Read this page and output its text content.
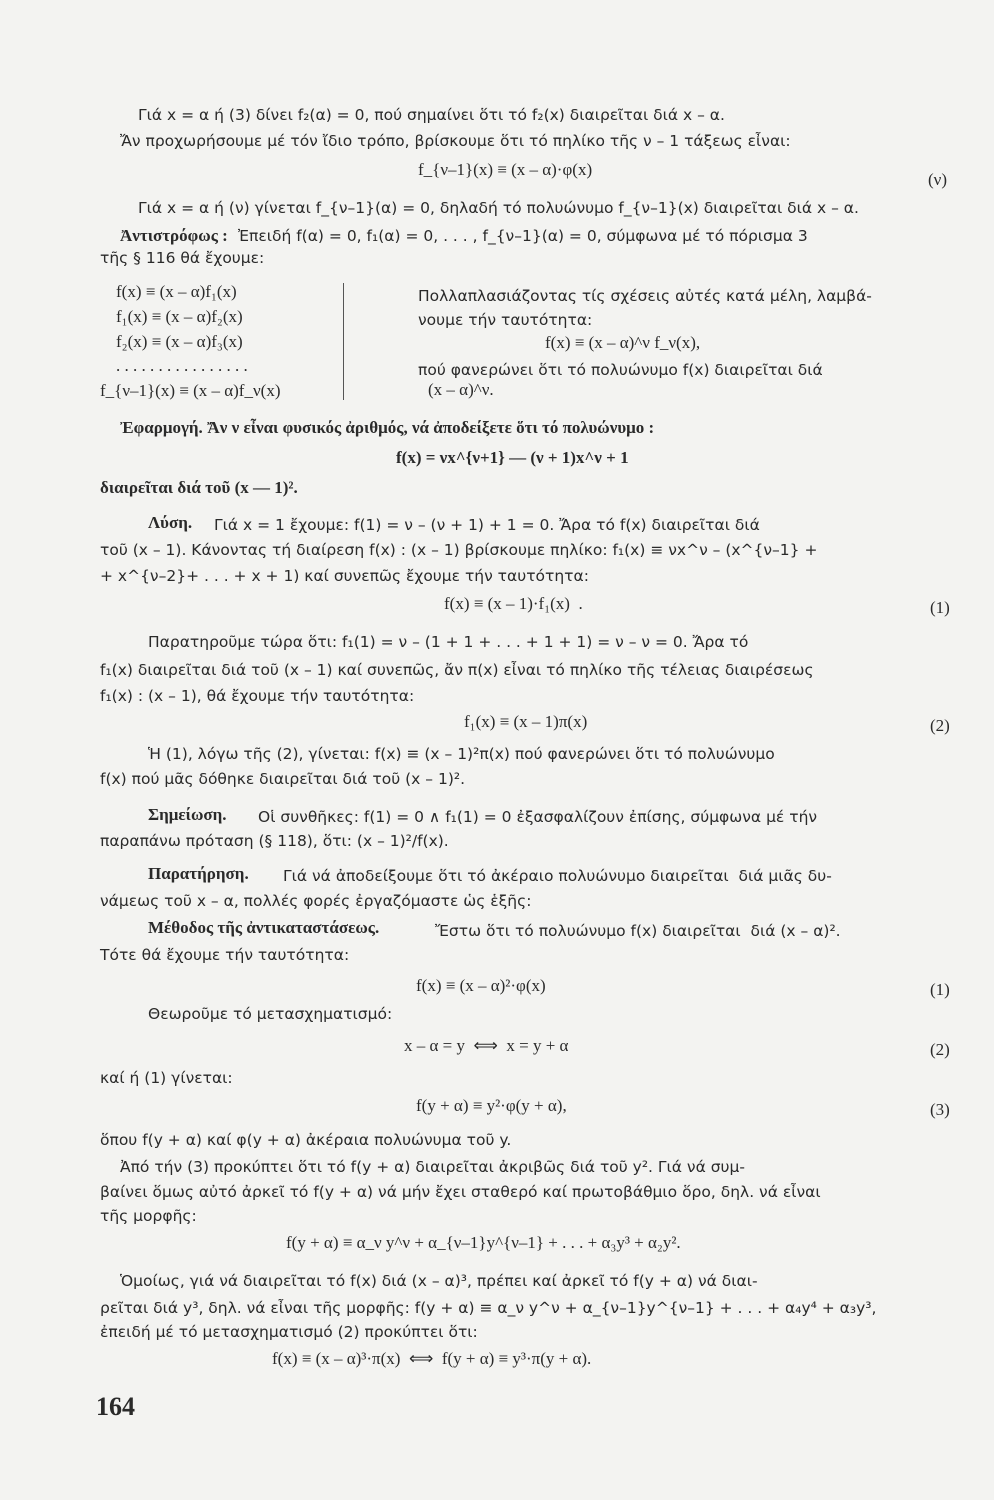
Γιά x = α ή (3) δίνει f₂(α) = 0, πού σημαίνει ὅτι τό f₂(x) διαιρεῖται διά x – α.
Ἄν προχωρήσουμε μέ τόν ἴδιο τρόπο, βρίσκουμε ὅτι τό πηλίκο τῆς ν – 1 τάξεως εἶναι:
f_{ν–1}(x) ≡ (x – α)·φ(x)
(ν)
Γιά x = α ή (ν) γίνεται f_{ν–1}(α) = 0, δηλαδή τό πολυώνυμο f_{ν–1}(x) διαιρεῖται διά x – α.
Ἀντιστρόφως : Ἐπειδή f(α) = 0, f₁(α) = 0, . . . , f_{ν–1}(α) = 0, σύμφωνα μέ τό πόρισμα 3
τῆς § 116 θά ἔχουμε:
f(x) ≡ (x – α)f₁(x)
f₁(x) ≡ (x – α)f₂(x)
f₂(x) ≡ (x – α)f₃(x)
. . . . . . . . . . . . . . . .
f_{ν–1}(x) ≡ (x – α)f_ν(x)
Πολλαπλασιάζοντας τίς σχέσεις αὐτές κατά μέλη, λαμβά-
νουμε τήν ταυτότητα:
f(x) ≡ (x – α)^ν f_ν(x),
πού φανερώνει ὅτι τό πολυώνυμο f(x) διαιρεῖται διά
(x – α)^ν.
Ἐφαρμογή. Ἄν ν εἶναι φυσικός ἀριθμός, νά ἀποδείξετε ὅτι τό πολυώνυμο :
f(x) = νx^{ν+1} — (ν + 1)x^ν + 1
διαιρεῖται διά τοῦ (x — 1)².
Λύση. Γιά x = 1 ἔχουμε: f(1) = ν – (ν + 1) + 1 = 0. Ἄρα τό f(x) διαιρεῖται διά
τοῦ (x – 1). Κάνοντας τή διαίρεση f(x) : (x – 1) βρίσκουμε πηλίκο: f₁(x) ≡ νx^ν – (x^{ν–1} +
+ x^{ν–2}+ . . . + x + 1) καί συνεπῶς ἔχουμε τήν ταυτότητα:
f(x) ≡ (x – 1)·f₁(x)  .	(1)
Παρατηροῦμε τώρα ὅτι: f₁(1) = ν – (1 + 1 + . . . + 1 + 1) = ν – ν = 0. Ἄρα τό
f₁(x) διαιρεῖται διά τοῦ (x – 1) καί συνεπῶς, ἄν π(x) εἶναι τό πηλίκο τῆς τέλειας διαιρέσεως
f₁(x) : (x – 1), θά ἔχουμε τήν ταυτότητα:
f₁(x) ≡ (x – 1)π(x)	(2)
Ἡ (1), λόγω τῆς (2), γίνεται: f(x) ≡ (x – 1)²π(x) πού φανερώνει ὅτι τό πολυώνυμο
f(x) πού μᾶς δόθηκε διαιρεῖται διά τοῦ (x – 1)².
Σημείωση. Οἱ συνθῆκες: f(1) = 0 ∧ f₁(1) = 0 ἐξασφαλίζουν ἐπίσης, σύμφωνα μέ τήν
παραπάνω πρόταση (§ 118), ὅτι: (x – 1)²/f(x).
Παρατήρηση. Γιά νά ἀποδείξουμε ὅτι τό ἀκέραιο πολυώνυμο διαιρεῖται  διά μιᾶς δυ-
νάμεως τοῦ x – α, πολλές φορές ἐργαζόμαστε ὡς ἑξῆς:
Μέθοδος τῆς ἀντικαταστάσεως.	Ἔστω ὅτι τό πολυώνυμο f(x) διαιρεῖται  διά (x – α)².
Τότε θά ἔχουμε τήν ταυτότητα:
f(x) ≡ (x – α)²·φ(x)	(1)
Θεωροῦμε τό μετασχηματισμό:
x – α = y  ⟺  x = y + α	(2)
καί ή (1) γίνεται:
f(y + α) ≡ y²·φ(y + α),	(3)
ὅπου f(y + α) καί φ(y + α) ἀκέραια πολυώνυμα τοῦ y.
Ἀπό τήν (3) προκύπτει ὅτι τό f(y + α) διαιρεῖται ἀκριβῶς διά τοῦ y². Γιά νά συμ-
βαίνει ὅμως αὐτό ἀρκεῖ τό f(y + α) νά μήν ἔχει σταθερό καί πρωτοβάθμιο ὅρο, δηλ. νά εἶναι
τῆς μορφῆς:
f(y + α) ≡ α_ν y^ν + α_{ν–1}y^{ν–1} + . . . + α₃y³ + α₂y².
Ὁμοίως, γιά νά διαιρεῖται τό f(x) διά (x – α)³, πρέπει καί ἀρκεῖ τό f(y + α) νά διαι-
ρεῖται διά y³, δηλ. νά εἶναι τῆς μορφῆς: f(y + α) ≡ α_ν y^ν + α_{ν–1}y^{ν–1} + . . . + α₄y⁴ + α₃y³,
ἐπειδή μέ τό μετασχηματισμό (2) προκύπτει ὅτι:
f(x) ≡ (x – α)³·π(x)  ⟺  f(y + α) ≡ y³·π(y + α).
164
